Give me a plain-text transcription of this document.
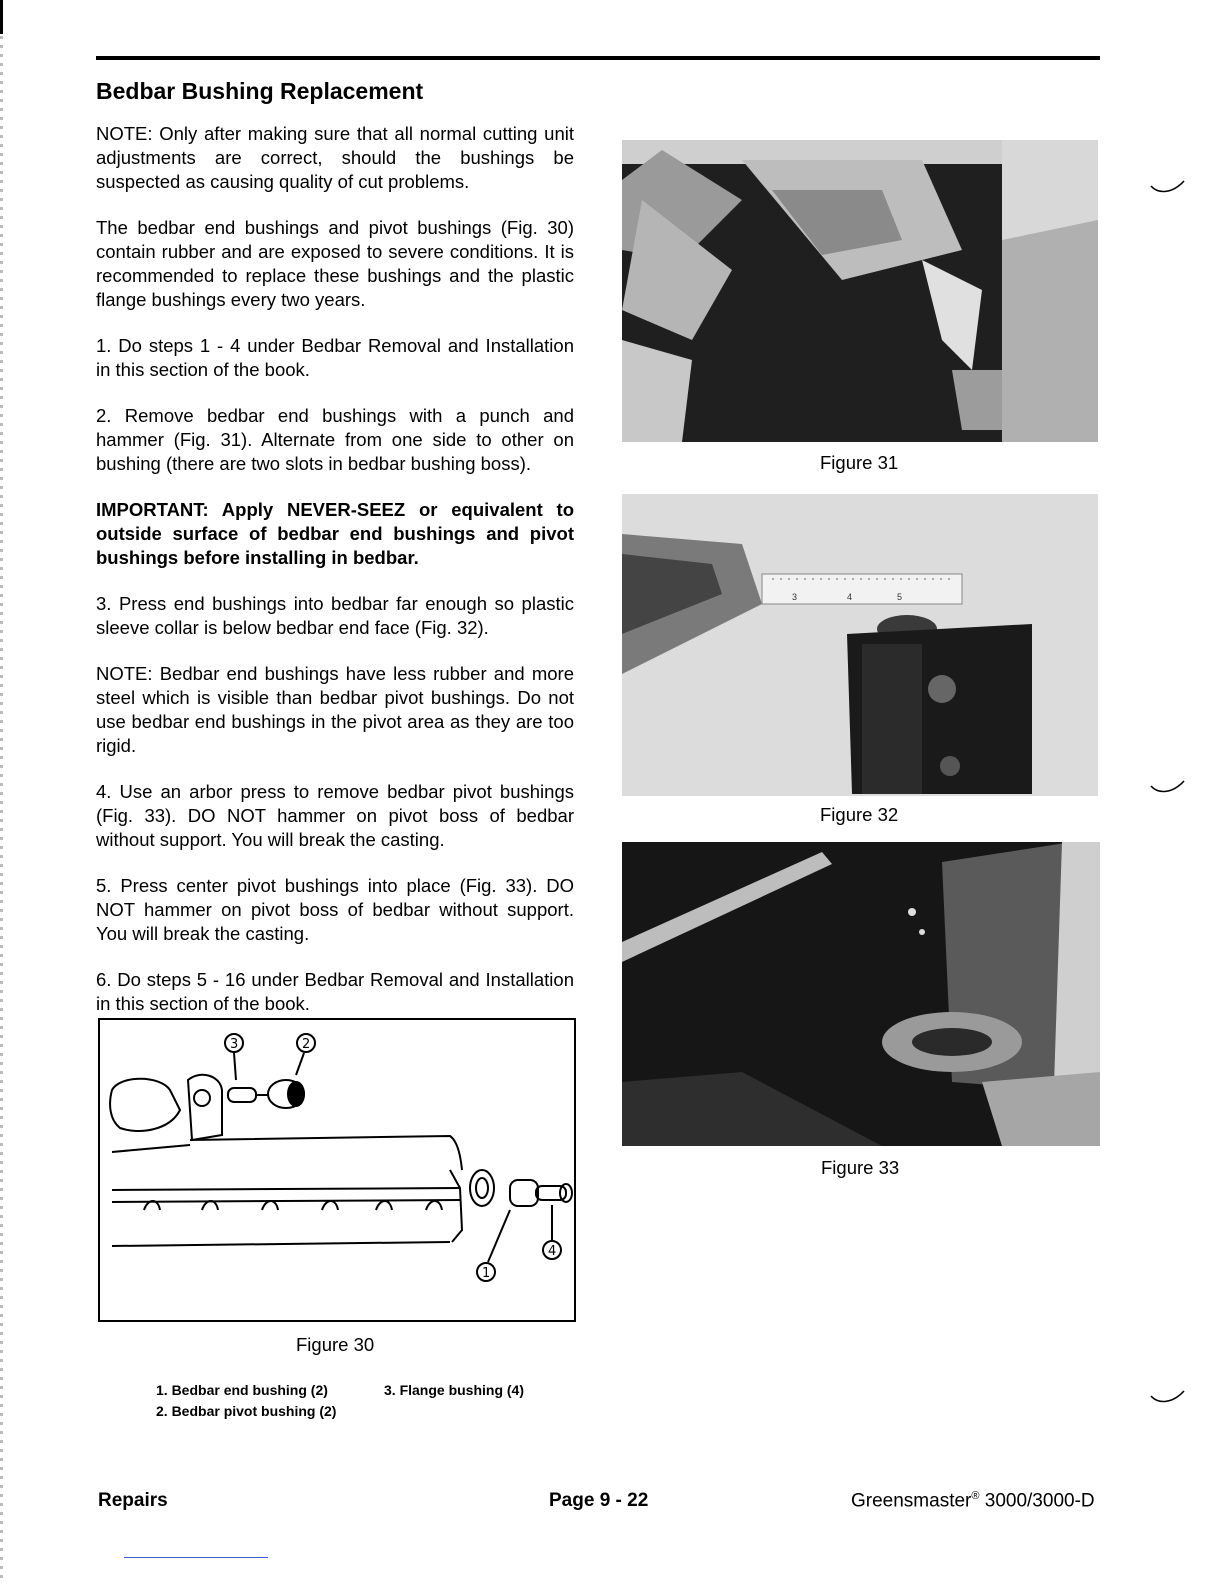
Bedbar Bushing Replacement

NOTE: Only after making sure that all normal cutting unit adjustments are correct, should the bushings be suspected as causing quality of cut problems.

The bedbar end bushings and pivot bushings (Fig. 30) contain rubber and are exposed to severe conditions. It is recommended to replace these bushings and the plastic flange bushings every two years.

1. Do steps 1 - 4 under Bedbar Removal and Installation in this section of the book.

2. Remove bedbar end bushings with a punch and hammer (Fig. 31). Alternate from one side to other on bushing (there are two slots in bedbar bushing boss).

IMPORTANT: Apply NEVER-SEEZ or equivalent to outside surface of bedbar end bushings and pivot bushings before installing in bedbar.

3. Press end bushings into bedbar far enough so plastic sleeve collar is below bedbar end face (Fig. 32).

NOTE: Bedbar end bushings have less rubber and more steel which is visible than bedbar pivot bushings. Do not use bedbar end bushings in the pivot area as they are too rigid.

4. Use an arbor press to remove bedbar pivot bushings (Fig. 33). DO NOT hammer on pivot boss of bedbar without support. You will break the casting.

5. Press center pivot bushings into place (Fig. 33). DO NOT hammer on pivot boss of bedbar without support. You will break the casting.

6. Do steps 5 - 16 under Bedbar Removal and Installation in this section of the book.

Figure 31
3	4	5
Figure 32
Figure 33
3	2
4
1
Figure 30
1. Bedbar end bushing (2)
2. Bedbar pivot bushing (2)
3. Flange bushing (4)
Repairs	Page 9 - 22	Greensmaster® 3000/3000-D
